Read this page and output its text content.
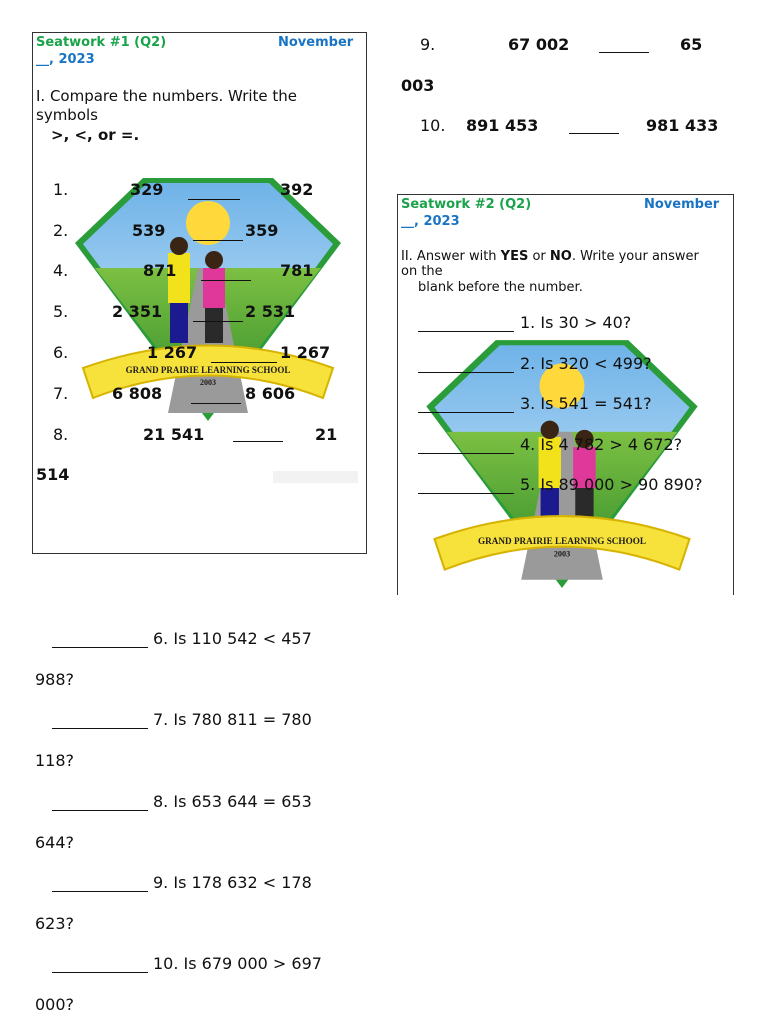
GRAND PRAIRIE LEARNING SCHOOL
2003
Seatwork #1 (Q2)	November
__, 2023
I. Compare the numbers. Write the
symbols
>, <, or =.
1.	329	392
2.	539	359
4.	871	781
5.	2 351	2 531
6.	1 267	1 267
7.	6 808	8 606
8.	21 541	21
514
9.	67 002	65
003
10. 891 453	981 433
GRAND PRAIRIE LEARNING SCHOOL
2003
Seatwork #2 (Q2)	November
__, 2023
II. Answer with YES or NO. Write your answer
on the
blank before the number.
1. Is 30 > 40?
2. Is 320 < 499?
3. Is 541 = 541?
4. Is 4 782 > 4 672?
5. Is 89 000 > 90 890?
6. Is 110 542 < 457
988?
7. Is 780 811 = 780
118?
8. Is 653 644 = 653
644?
9. Is 178 632 < 178
623?
10. Is 679 000 > 697
000?
